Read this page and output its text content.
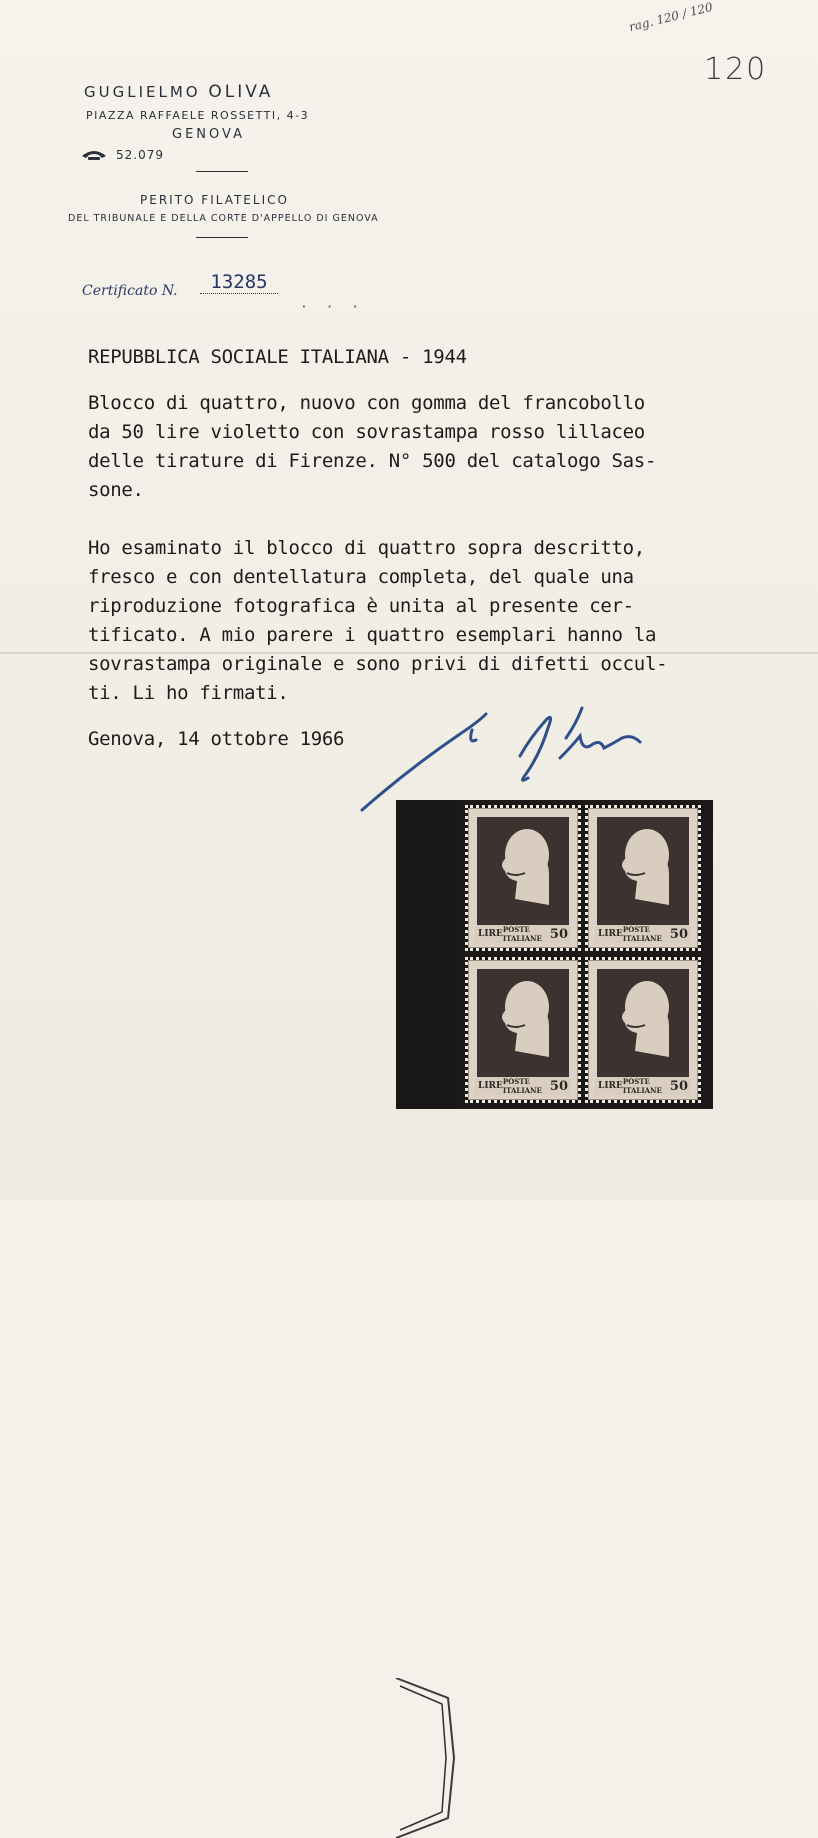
rag. 120 / 120
120
GUGLIELMO OLIVA
PIAZZA RAFFAELE ROSSETTI, 4-3
GENOVA
52.079
PERITO FILATELICO
DEL TRIBUNALE E DELLA CORTE D'APPELLO DI GENOVA
Certificato N.	13285
· · ·
REPUBBLICA SOCIALE ITALIANA - 1944
Blocco di quattro, nuovo con gomma del francobollo
da 50 lire violetto con sovrastampa rosso lillaceo
delle tirature di Firenze. N° 500 del catalogo Sas-
sone.
Ho esaminato il blocco di quattro sopra descritto,
fresco e con dentellatura completa, del quale una
riproduzione fotografica è unita al presente cer-
tificato. A mio parere i quattro esemplari hanno la
sovrastampa originale e sono privi di difetti occul-
ti. Li ho firmati.
Genova, 14 ottobre 1966
LIRE POSTE ITALIANE 50	LIRE POSTE ITALIANE 50
LIRE POSTE ITALIANE 50	LIRE POSTE ITALIANE 50
